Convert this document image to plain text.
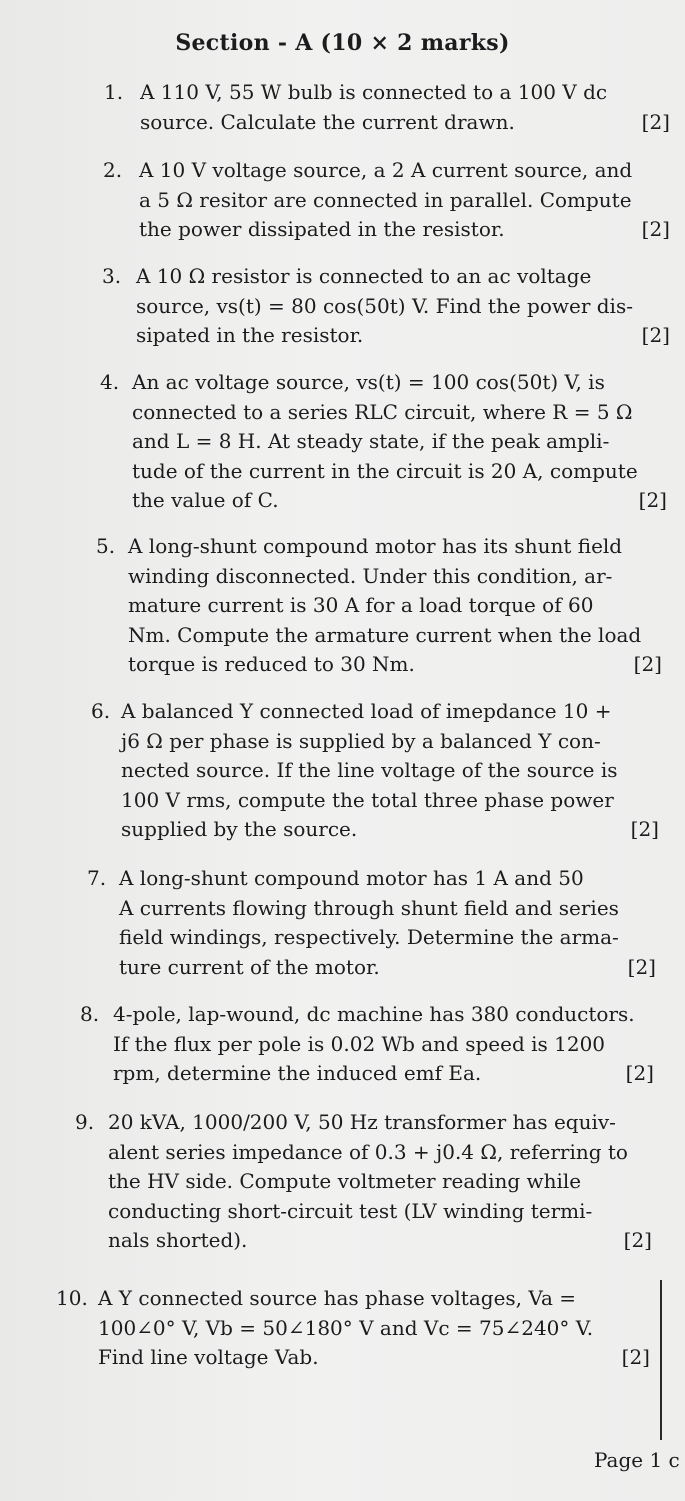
Section - A (10 × 2 marks)
1. A 110 V, 55 W bulb is connected to a 100 V dc
source. Calculate the current drawn.	[2]
2. A 10 V voltage source, a 2 A current source, and
a 5 Ω resitor are connected in parallel. Compute
the power dissipated in the resistor.	[2]
3. A 10 Ω resistor is connected to an ac voltage
source, vs(t) = 80 cos(50t) V. Find the power dis-
sipated in the resistor.	[2]
4. An ac voltage source, vs(t) = 100 cos(50t) V, is
connected to a series RLC circuit, where R = 5 Ω
and L = 8 H. At steady state, if the peak ampli-
tude of the current in the circuit is 20 A, compute
the value of C.	[2]
5. A long-shunt compound motor has its shunt field
winding disconnected. Under this condition, ar-
mature current is 30 A for a load torque of 60
Nm. Compute the armature current when the load
torque is reduced to 30 Nm.	[2]
6. A balanced Y connected load of imepdance 10 +
j6 Ω per phase is supplied by a balanced Y con-
nected source. If the line voltage of the source is
100 V rms, compute the total three phase power
supplied by the source.	[2]
7. A long-shunt compound motor has 1 A and 50
A currents flowing through shunt field and series
field windings, respectively. Determine the arma-
ture current of the motor.	[2]
8. 4-pole, lap-wound, dc machine has 380 conductors.
If the flux per pole is 0.02 Wb and speed is 1200
rpm, determine the induced emf Ea.	[2]
9. 20 kVA, 1000/200 V, 50 Hz transformer has equiv-
alent series impedance of 0.3 + j0.4 Ω, referring to
the HV side. Compute voltmeter reading while
conducting short-circuit test (LV winding termi-
nals shorted).	[2]
10. A Y connected source has phase voltages, Va =
100∠0° V, Vb = 50∠180° V and Vc = 75∠240° V.
Find line voltage Vab.	[2]
Page 1 c
